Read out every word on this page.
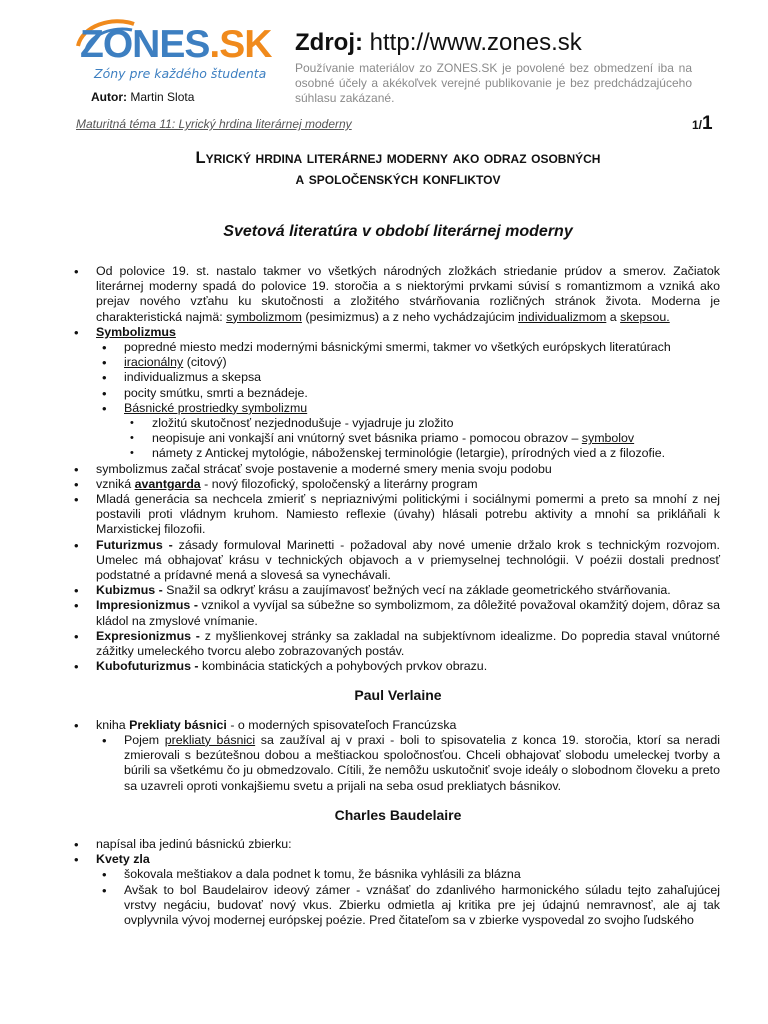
ZONES.SK
Zóny pre každého študenta
Autor: Martin Slota
Zdroj: http://www.zones.sk
Používanie materiálov zo ZONES.SK je povolené bez obmedzení iba na osobné účely a akékoľvek verejné publikovanie je bez predchádzajúceho súhlasu zakázané.
Maturitná téma 11: Lyrický hrdina literárnej moderny	1/1
Lyrický hrdina literárnej moderny ako odraz osobných
a spoločenských konfliktov
Svetová literatúra v období literárnej moderny
• Od polovice 19. st. nastalo takmer vo všetkých národných zložkách striedanie prúdov a smerov. Začiatok literárnej moderny spadá do polovice 19. storočia a s niektorými prvkami súvisí s romantizmom a vzniká ako prejav nového vzťahu ku skutočnosti a zložitého stvárňovania rozličných stránok života. Moderna je charakteristická najmä: symbolizmom (pesimizmus) a z neho vychádzajúcim individualizmom a skepsou.
• Symbolizmus
• popredné miesto medzi modernými básnickými smermi, takmer vo všetkých európskych literatúrach
• iracionálny (citový)
• individualizmus a skepsa
• pocity smútku, smrti a beznádeje.
• Básnické prostriedky symbolizmu
• zložitú skutočnosť nezjednodušuje - vyjadruje ju zložito
• neopisuje ani vonkajší ani vnútorný svet básnika priamo - pomocou obrazov – symbolov
• námety z Antickej mytológie, náboženskej terminológie (letargie), prírodných vied a z filozofie.
• symbolizmus začal strácať svoje postavenie a moderné smery menia svoju podobu
• vzniká avantgarda - nový filozofický, spoločenský a literárny program
• Mladá generácia sa nechcela zmieriť s nepriaznivými politickými i sociálnymi pomermi a preto sa mnohí z nej postavili proti vládnym kruhom. Namiesto reflexie (úvahy) hlásali potrebu aktivity a mnohí sa prikláňali k Marxistickej filozofii.
• Futurizmus - zásady formuloval Marinetti - požadoval aby nové umenie držalo krok s technickým rozvojom. Umelec má obhajovať krásu v technických objavoch a v priemyselnej technológii. V poézii dostali prednosť podstatné a prídavné mená a slovesá sa vynechávali.
• Kubizmus - Snažil sa odkryť krásu a zaujímavosť bežných vecí na základe geometrického stvárňovania.
• Impresionizmus - vznikol a vyvíjal sa súbežne so symbolizmom, za dôležité považoval okamžitý dojem, dôraz sa kládol na zmyslové vnímanie.
• Expresionizmus - z myšlienkovej stránky sa zakladal na subjektívnom idealizme. Do popredia staval vnútorné zážitky umeleckého tvorcu alebo zobrazovaných postáv.
• Kubofuturizmus - kombinácia statických a pohybových prvkov obrazu.
Paul Verlaine
• kniha Prekliaty básnici - o moderných spisovateľoch Francúzska
• Pojem prekliaty básnici sa zaužíval aj v praxi - boli to spisovatelia z konca 19. storočia, ktorí sa neradi zmierovali s bezútešnou dobou a meštiackou spoločnosťou. Chceli obhajovať slobodu umeleckej tvorby a búrili sa všetkému čo ju obmedzovalo. Cítili, že nemôžu uskutočniť svoje ideály o slobodnom človeku a preto sa uzavreli oproti vonkajšiemu svetu a prijali na seba osud prekliatych básnikov.
Charles Baudelaire
• napísal iba jedinú básnickú zbierku:
• Kvety zla
• šokovala meštiakov a dala podnet k tomu, že básnika vyhlásili za blázna
• Avšak to bol Baudelairov ideový zámer - vznášať do zdanlivého harmonického súladu tejto zahaľujúcej vrstvy negáciu, budovať nový vkus. Zbierku odmietla aj kritika pre jej údajnú nemravnosť, ale aj tak ovplyvnila vývoj modernej európskej poézie. Pred čitateľom sa v zbierke vyspovedal zo svojho ľudského
